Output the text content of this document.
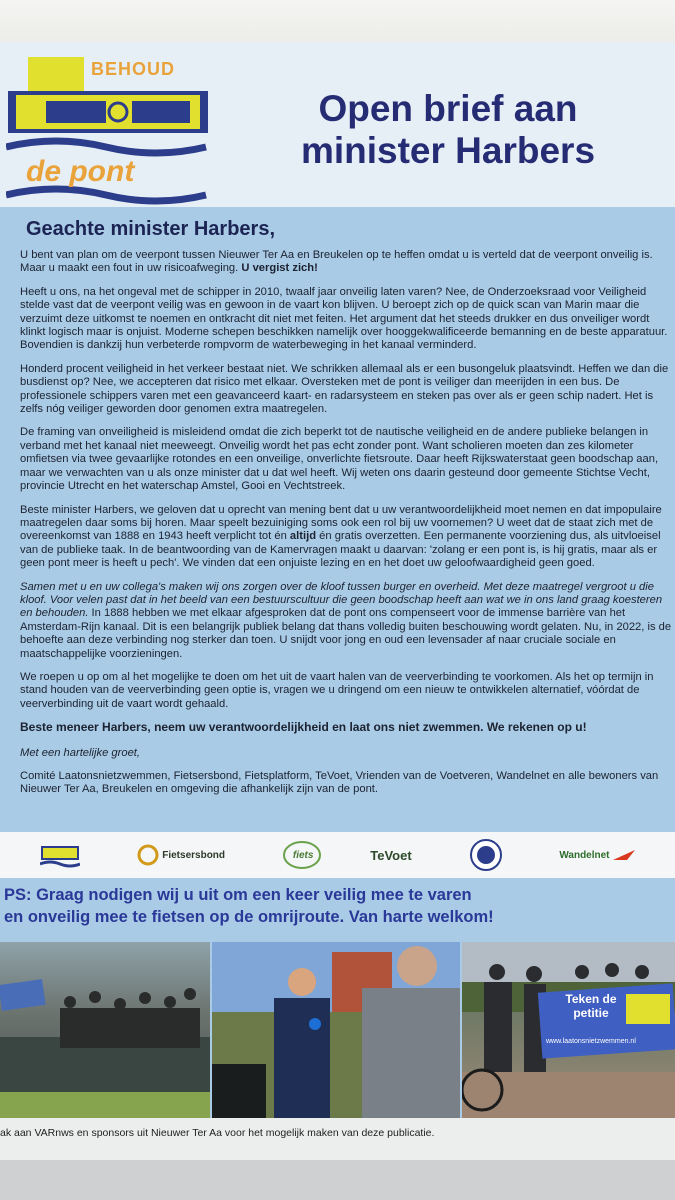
BEHOUD
de pont
Open brief aan
minister Harbers
Geachte minister Harbers,

U bent van plan om de veerpont tussen Nieuwer Ter Aa en Breukelen op te heffen omdat u is verteld dat de veerpont onveilig is. Maar u maakt een fout in uw risicoafweging. U vergist zich!

Heeft u ons, na het ongeval met de schipper in 2010, twaalf jaar onveilig laten varen? Nee, de Onderzoeksraad voor Veiligheid stelde vast dat de veerpont veilig was en gewoon in de vaart kon blijven. U beroept zich op de quick scan van Marin maar die verzuimt deze uitkomst te noemen en ontkracht dit niet met feiten. Het argument dat het steeds drukker en dus onveiliger wordt klinkt logisch maar is onjuist. Moderne schepen beschikken namelijk over hooggekwalificeerde bemanning en de beste apparatuur. Bovendien is dankzij hun verbeterde rompvorm de waterbeweging in het kanaal verminderd.

Honderd procent veiligheid in het verkeer bestaat niet. We schrikken allemaal als er een busongeluk plaatsvindt. Heffen we dan die busdienst op? Nee, we accepteren dat risico met elkaar. Oversteken met de pont is veiliger dan meerijden in een bus. De professionele schippers varen met een geavanceerd kaart- en radarsysteem en steken pas over als er geen schip nadert. Het is zelfs nóg veiliger geworden door genomen extra maatregelen.

De framing van onveiligheid is misleidend omdat die zich beperkt tot de nautische veiligheid en de andere publieke belangen in verband met het kanaal niet meeweegt. Onveilig wordt het pas echt zonder pont. Want scholieren moeten dan zes kilometer omfietsen via twee gevaarlijke rotondes en een onveilige, onverlichte fietsroute. Daar heeft Rijkswaterstaat geen boodschap aan, maar we verwachten van u als onze minister dat u dat wel heeft. Wij weten ons daarin gesteund door gemeente Stichtse Vecht, provincie Utrecht en het waterschap Amstel, Gooi en Vechtstreek.

Beste minister Harbers, we geloven dat u oprecht van mening bent dat u uw verantwoordelijkheid moet nemen en dat impopulaire maatregelen daar soms bij horen. Maar speelt bezuiniging soms ook een rol bij uw voornemen? U weet dat de staat zich met de overeenkomst van 1888 en 1943 heeft verplicht tot én altijd én gratis overzetten. Een permanente voorziening dus, als uitvloeisel van de publieke taak. In de beantwoording van de Kamervragen maakt u daarvan: 'zolang er een pont is, is hij gratis, maar als er geen pont meer is heeft u pech'. We vinden dat een onjuiste lezing en en het doet uw geloofwaardigheid geen goed.

Samen met u en uw collega's maken wij ons zorgen over de kloof tussen burger en overheid. Met deze maatregel vergroot u die kloof. Voor velen past dat in het beeld van een bestuurscultuur die geen boodschap heeft aan wat we in ons land graag koesteren en behouden. In 1888 hebben we met elkaar afgesproken dat de pont ons compenseert voor de immense barrière van het Amsterdam-Rijn kanaal. Dit is een belangrijk publiek belang dat thans volledig buiten beschouwing wordt gelaten. Nu, in 2022, is de behoefte aan deze verbinding nog sterker dan toen. U snijdt voor jong en oud een levensader af naar cruciale sociale en maatschappelijke voorzieningen.

We roepen u op om al het mogelijke te doen om het uit de vaart halen van de veerverbinding te voorkomen. Als het op termijn in stand houden van de veerverbinding geen optie is, vragen we u dringend om een nieuw te ontwikkelen alternatief, vóórdat de veerverbinding uit de vaart wordt gehaald.

Beste meneer Harbers, neem uw verantwoordelijkheid en laat ons niet zwemmen. We rekenen op u!

Met een hartelijke groet,

Comité Laatonsnietzwemmen, Fietsersbond, Fietsplatform, TeVoet, Vrienden van de Voetveren, Wandelnet en alle bewoners van Nieuwer Ter Aa, Breukelen en omgeving die afhankelijk zijn van de pont.

Fietsersbond	fiets	TeVoet	Wandelnet
PS: Graag nodigen wij u uit om een keer veilig mee te varen
en onveilig mee te fietsen op de omrijroute. Van harte welkom!
Teken de
petitie
www.laatonsnietzwemmen.nl
ak aan VARnws en sponsors uit Nieuwer Ter Aa voor het mogelijk maken van deze publicatie.
